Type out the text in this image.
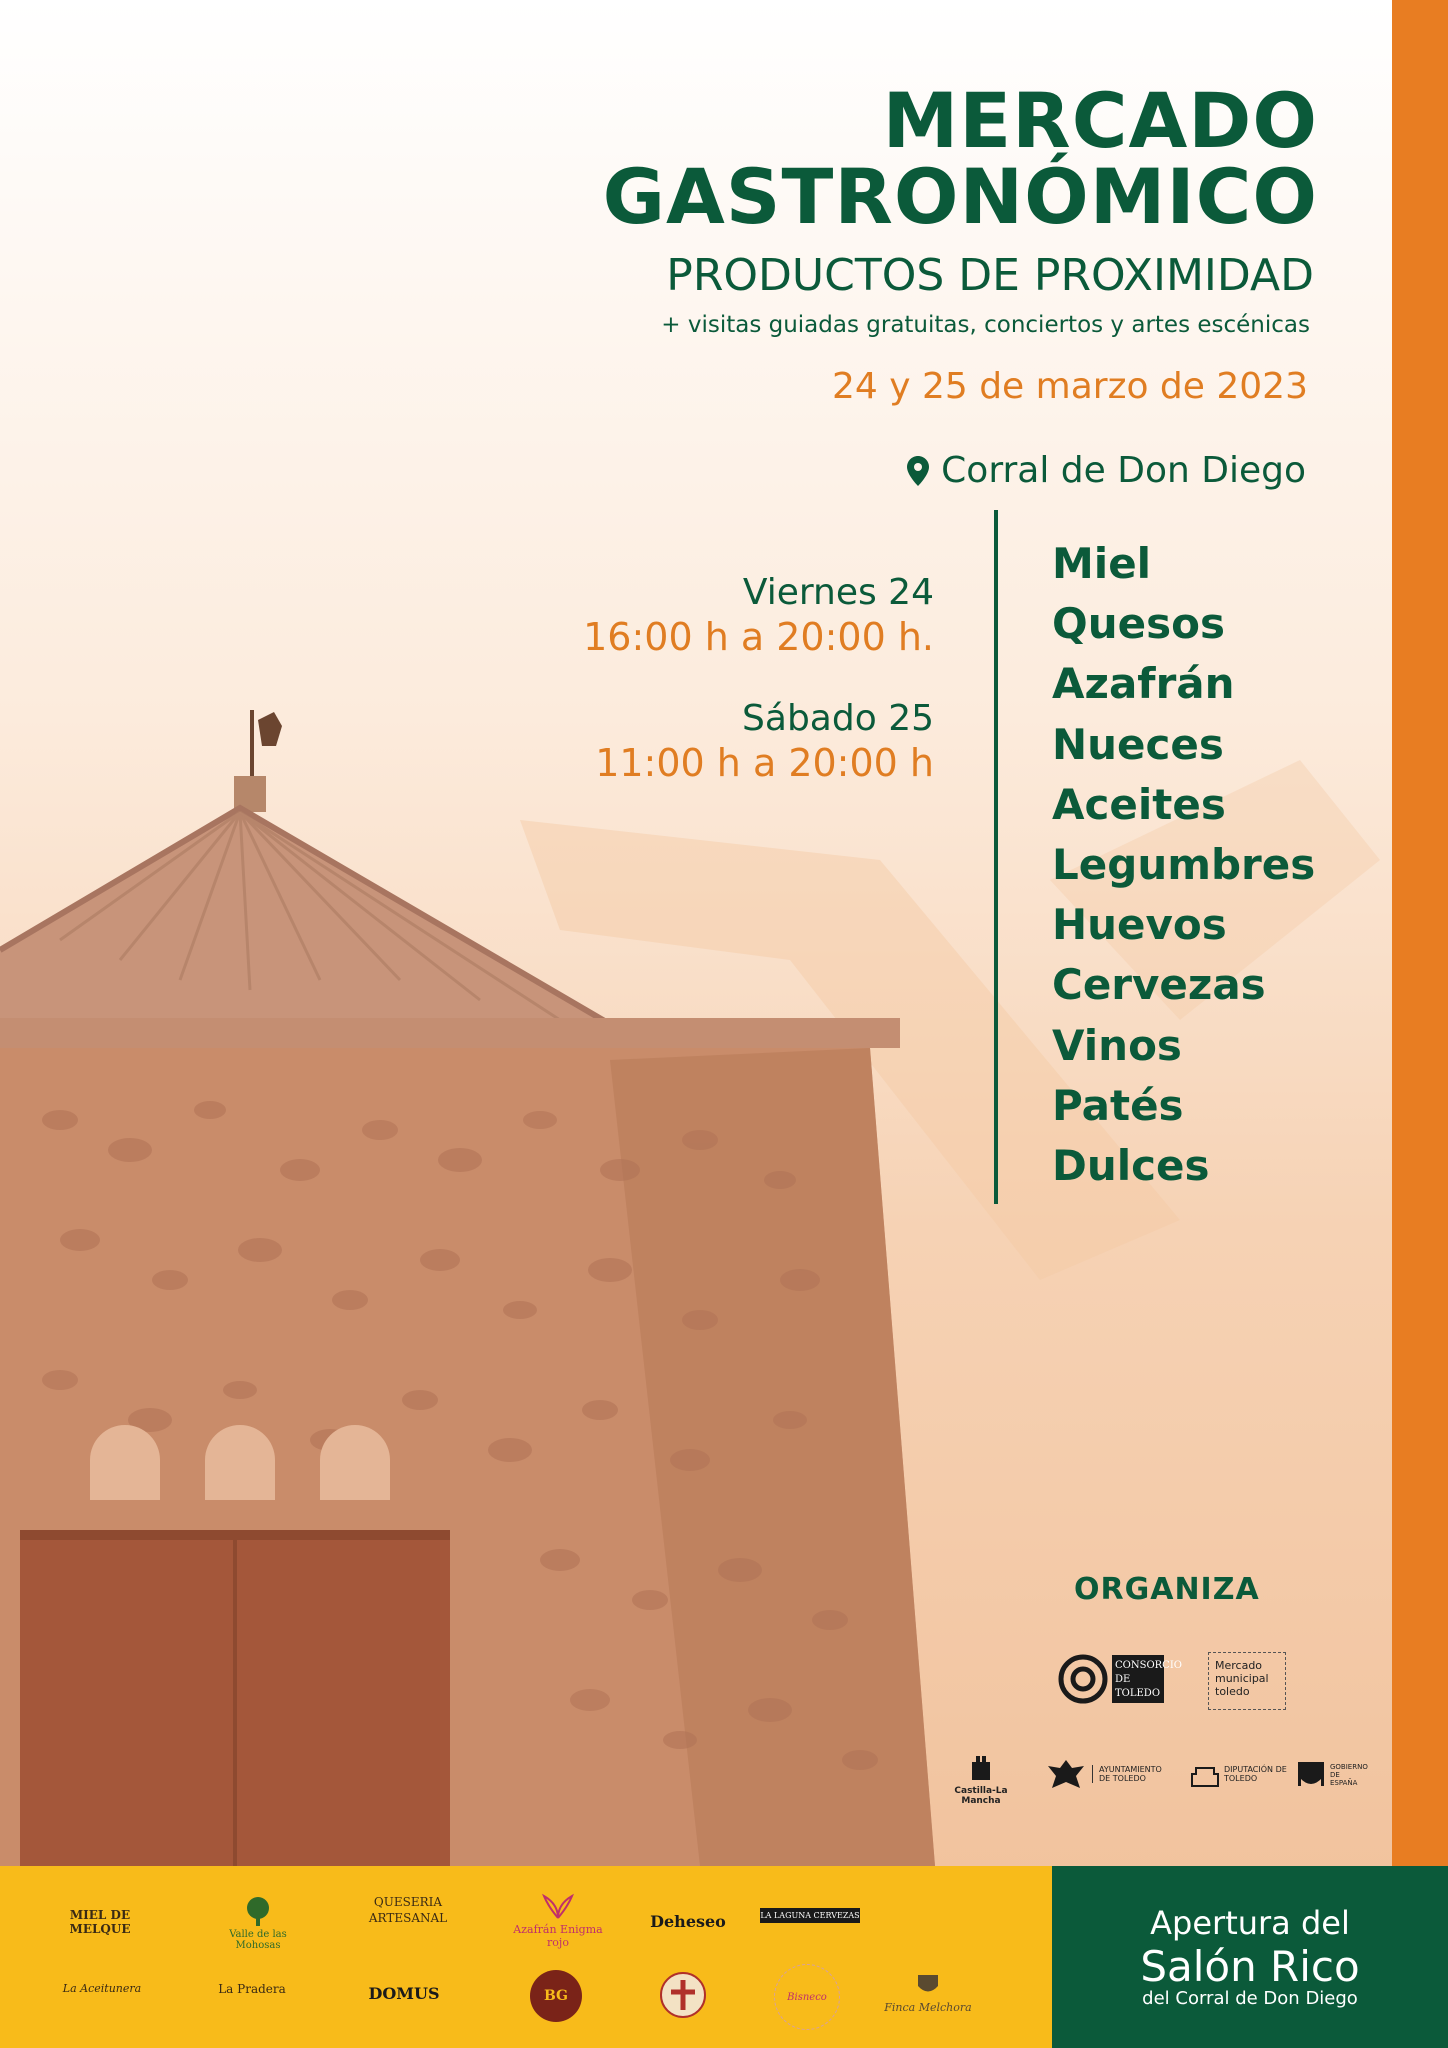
MERCADO
GASTRONÓMICO
PRODUCTOS DE PROXIMIDAD
+ visitas guiadas gratuitas, conciertos y artes escénicas
24 y 25 de marzo de 2023
Corral de Don Diego
Viernes 24
16:00 h a 20:00 h.
Sábado 25
11:00 h a 20:00 h
Miel
Quesos
Azafrán
Nueces
Aceites
Legumbres
Huevos
Cervezas
Vinos
Patés
Dulces
ORGANIZA
CONSORCIO DE TOLEDO
Mercado municipal toledo
Castilla-La Mancha
AYUNTAMIENTO DE TOLEDO
DIPUTACIÓN DE TOLEDO
GOBIERNO DE ESPAÑA
MIEL DE MELQUE	Valle de las Mohosas
QUESERIA ARTESANAL
Azafrán Enigma rojo
Deheseo	LA LAGUNA CERVEZAS
La Aceitunera	La Pradera	DOMUS	BG	Bisneco
Finca Melchora
Apertura del
Salón Rico
del Corral de Don Diego
